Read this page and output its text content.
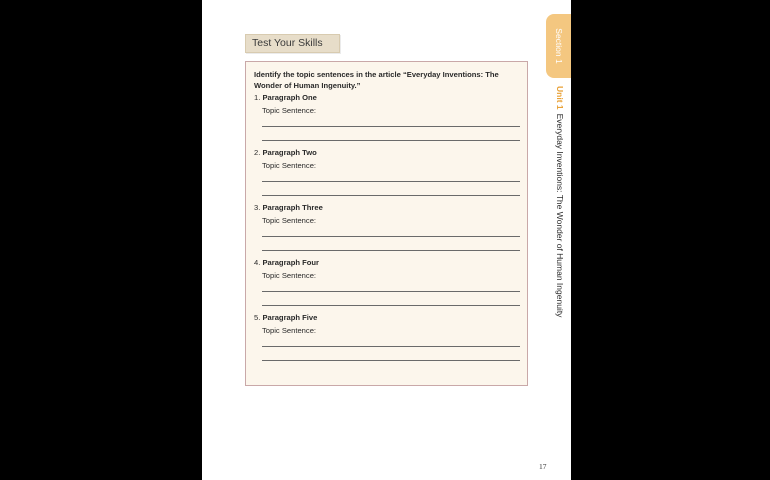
Test Your Skills

Identify the topic sentences in the article “Everyday Inventions: The Wonder of Human Ingenuity.”

1. Paragraph One
Topic Sentence:
2. Paragraph Two
Topic Sentence:
3. Paragraph Three
Topic Sentence:
4. Paragraph Four
Topic Sentence:
5. Paragraph Five
Topic Sentence:
Section 1
Unit 1Everyday Inventions: The Wonder of Human Ingenuity
17
